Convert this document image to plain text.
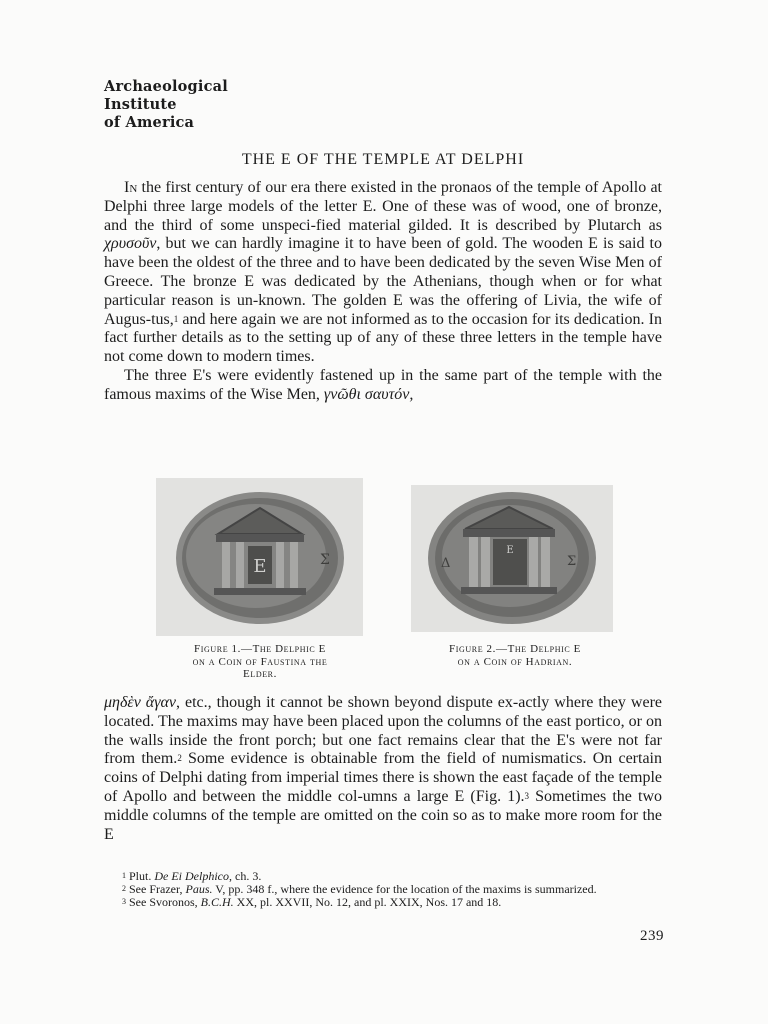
Archaeological
Institute
of America
THE E OF THE TEMPLE AT DELPHI

In the first century of our era there existed in the pronaos of the temple of Apollo at Delphi three large models of the letter E. One of these was of wood, one of bronze, and the third of some unspeci-fied material gilded. It is described by Plutarch as χρυσοῦν, but we can hardly imagine it to have been of gold. The wooden E is said to have been the oldest of the three and to have been dedicated by the seven Wise Men of Greece. The bronze E was dedicated by the Athenians, though when or for what particular reason is un-known. The golden E was the offering of Livia, the wife of Augus-tus,$^1$ and here again we are not informed as to the occasion for its dedication. In fact further details as to the setting up of any of these three letters in the temple have not come down to modern times.

The three E's were evidently fastened up in the same part of the temple with the famous maxims of the Wise Men, γνῶθι σαυτόν,

E	Σ
E
Δ	Σ
Figure 1.—The Delphic E
on a Coin of Faustina the
Elder.
Figure 2.—The Delphic E
on a Coin of Hadrian.

μηδὲν ἄγαν, etc., though it cannot be shown beyond dispute ex-actly where they were located. The maxims may have been placed upon the columns of the east portico, or on the walls inside the front porch; but one fact remains clear that the E's were not far from them.$^2$ Some evidence is obtainable from the field of numismatics. On certain coins of Delphi dating from imperial times there is shown the east façade of the temple of Apollo and between the middle col-umns a large E (Fig. 1).$^3$ Sometimes the two middle columns of the temple are omitted on the coin so as to make more room for the E

$^1$ Plut. De Ei Delphico, ch. 3.
$^2$ See Frazer, Paus. V, pp. 348 f., where the evidence for the location of the maxims is summarized.
$^3$ See Svoronos, B.C.H. XX, pl. XXVII, No. 12, and pl. XXIX, Nos. 17 and 18.
239
